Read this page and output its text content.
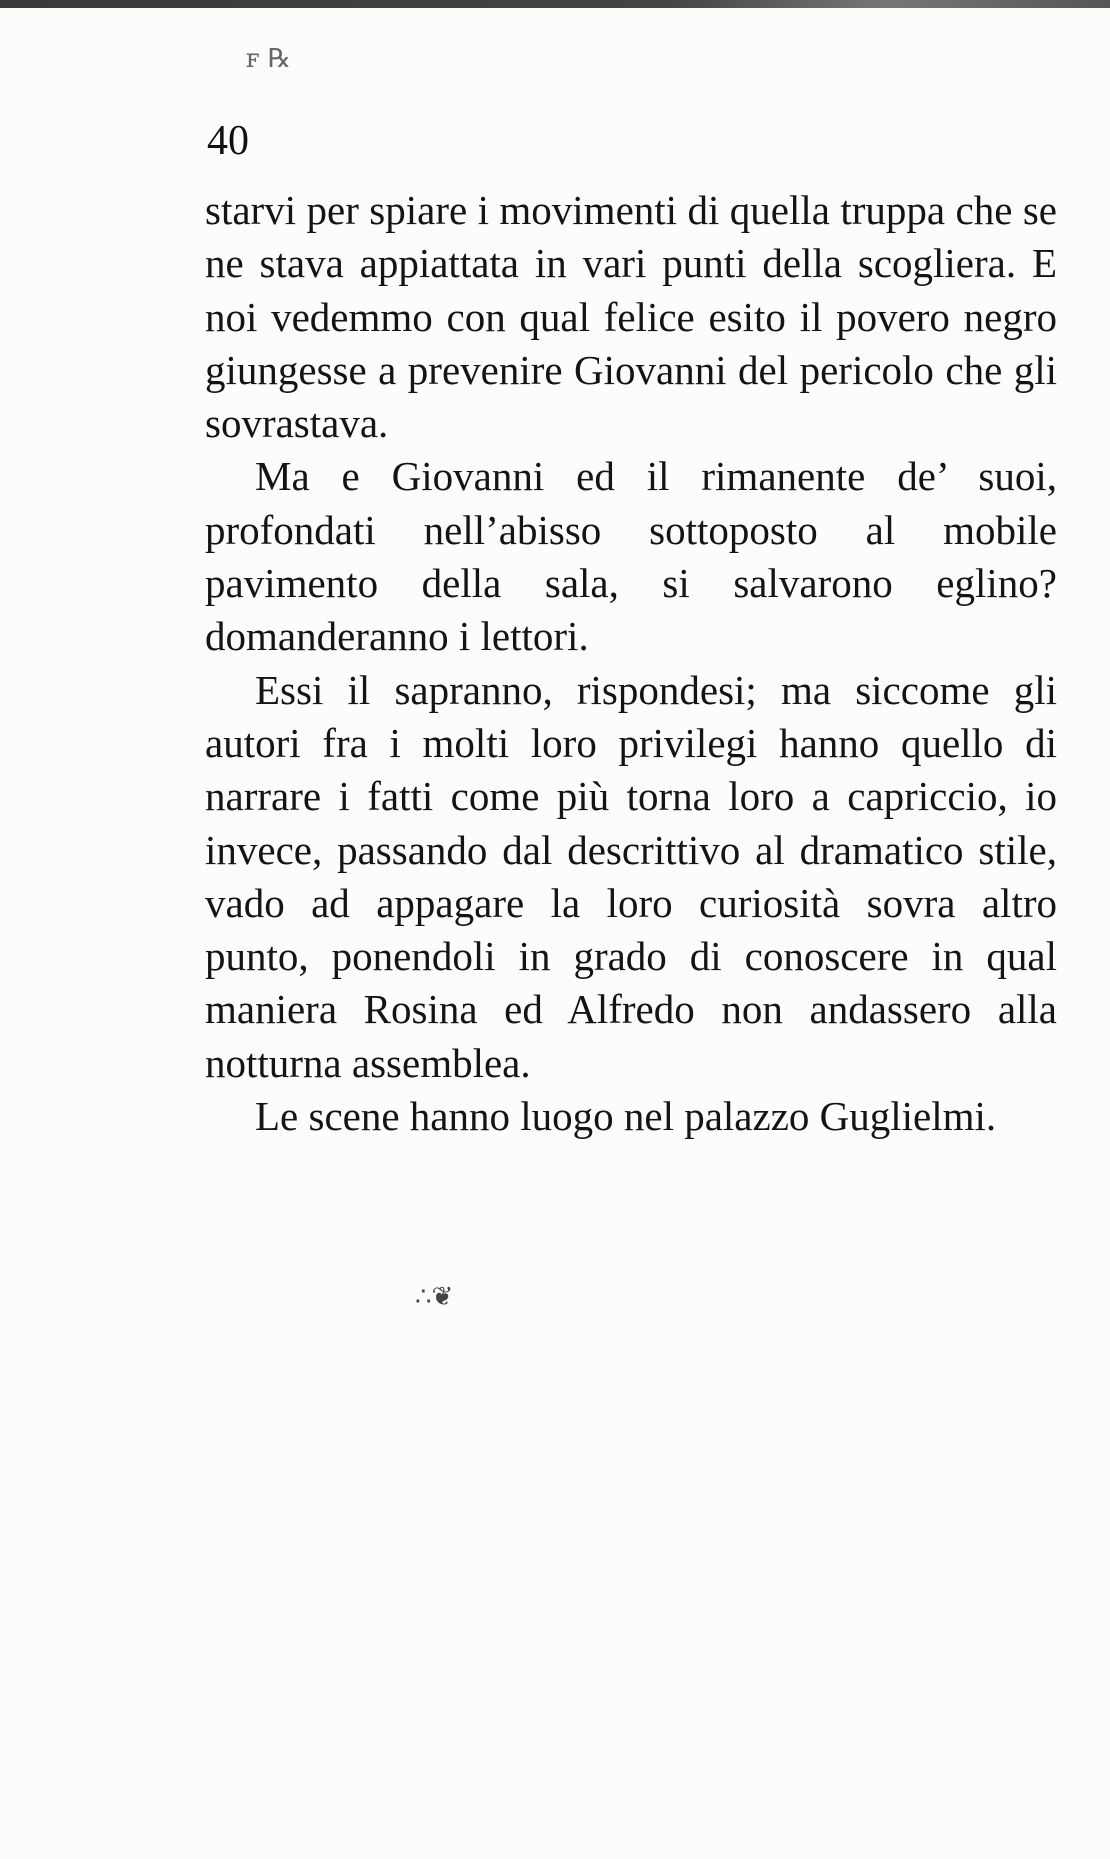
ꜰ ℞
40

starvi per spiare i movimenti di quella truppa che se ne stava appiattata in vari punti della scogliera. E noi vedemmo con qual felice esito il povero negro giungesse a prevenire Giovanni del pericolo che gli sovrastava.

Ma e Giovanni ed il rimanente de’ suoi, profondati nell’abisso sottoposto al mobile pavimento della sala, si salvarono eglino? domanderanno i lettori.

Essi il sapranno, rispondesi; ma siccome gli autori fra i molti loro privilegi hanno quello di narrare i fatti come più torna loro a capriccio, io invece, passando dal descrittivo al dramatico stile, vado ad appagare la loro curiosità sovra altro punto, ponendoli in grado di conoscere in qual maniera Rosina ed Alfredo non andassero alla notturna assemblea.

Le scene hanno luogo nel palazzo Guglielmi.

∴❦
